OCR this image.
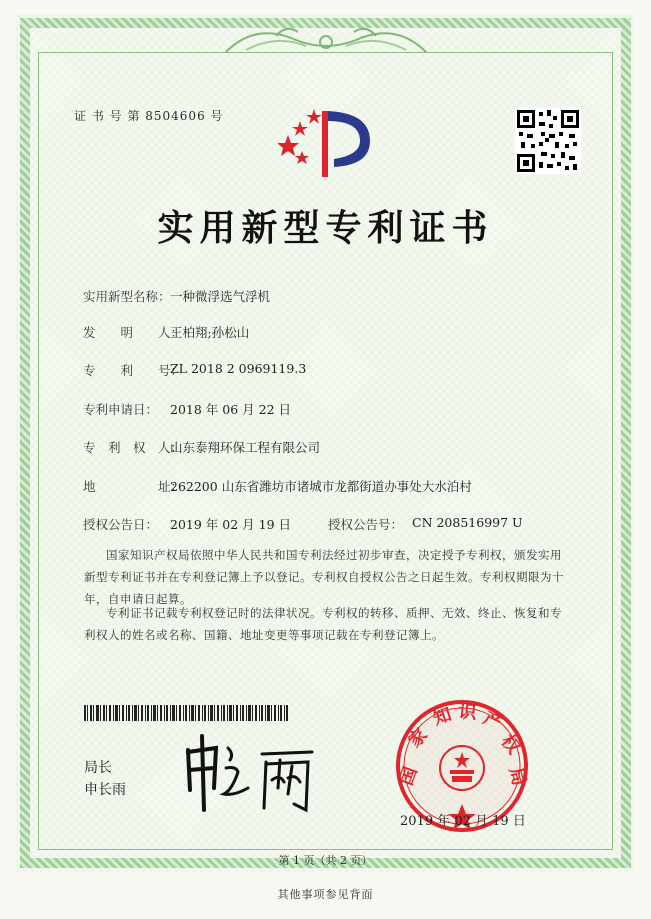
证 书 号 第 8504606 号
实用新型专利证书
实用新型名称： 一种微浮选气浮机
发　　明　　人：
王柏翔;孙松山
专　　利　　号：
ZL 2018 2 0969119.3
专利申请日： 2018 年 06 月 22 日
专　利　权　人：
山东泰翔环保工程有限公司
地　　　　　址：
262200 山东省潍坊市诸城市龙都街道办事处大水泊村
授权公告日： 2019 年 02 月 19 日	授权公告号： CN 208516997 U
国家知识产权局依照中华人民共和国专利法经过初步审查，决定授予专利权，颁发实用
新型专利证书并在专利登记簿上予以登记。专利权自授权公告之日起生效。专利权期限为十
年，自申请日起算。
专利证书记载专利权登记时的法律状况。专利权的转移、质押、无效、终止、恢复和专
利权人的姓名或名称、国籍、地址变更等事项记载在专利登记簿上。
局长
申长雨
国
家
知 识 产
权
局
2019 年 02 月 19 日
第 1 页（共 2 页）
其他事项参见背面
